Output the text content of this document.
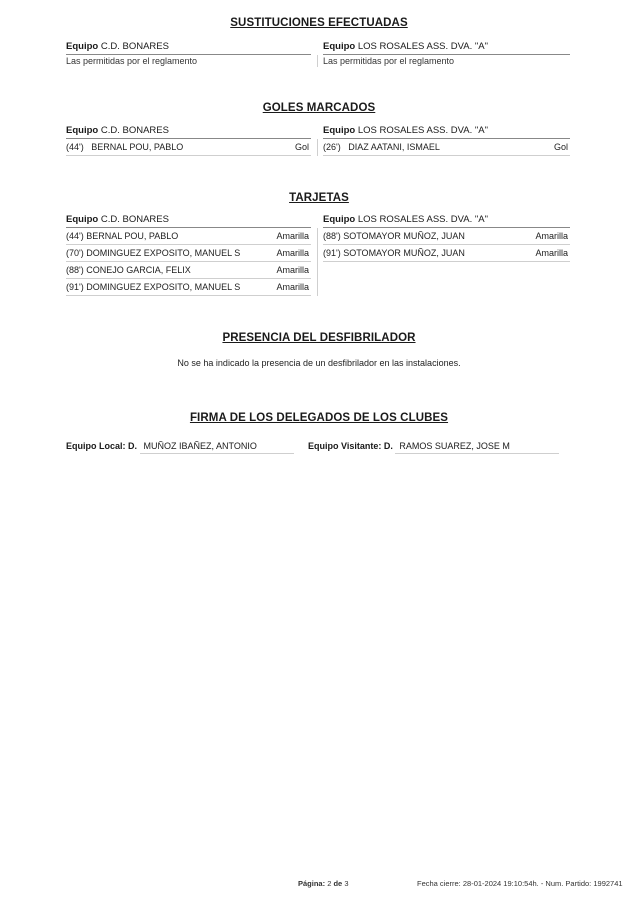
SUSTITUCIONES EFECTUADAS
Equipo C.D. BONARES
Las permitidas por el reglamento
Equipo LOS ROSALES ASS. DVA. "A"
Las permitidas por el reglamento
GOLES MARCADOS
Equipo C.D. BONARES
(44')   BERNAL POU, PABLO	Gol
Equipo LOS ROSALES ASS. DVA. "A"
(26')   DIAZ AATANI, ISMAEL	Gol
TARJETAS
Equipo C.D. BONARES
(44') BERNAL POU, PABLO	Amarilla
(70') DOMINGUEZ EXPOSITO, MANUEL S	Amarilla
(88') CONEJO GARCIA, FELIX	Amarilla
(91') DOMINGUEZ EXPOSITO, MANUEL S	Amarilla
Equipo LOS ROSALES ASS. DVA. "A"
(88') SOTOMAYOR MUÑOZ, JUAN	Amarilla
(91') SOTOMAYOR MUÑOZ, JUAN	Amarilla
PRESENCIA DEL DESFIBRILADOR
No se ha indicado la presencia de un desfibrilador en las instalaciones.
FIRMA DE LOS DELEGADOS DE LOS CLUBES
Equipo Local: D. MUÑOZ IBAÑEZ, ANTONIO	Equipo Visitante: D. RAMOS SUAREZ, JOSE M
Página: 2 de 3	Fecha cierre: 28-01-2024 19:10:54h. - Num. Partido: 1992741
